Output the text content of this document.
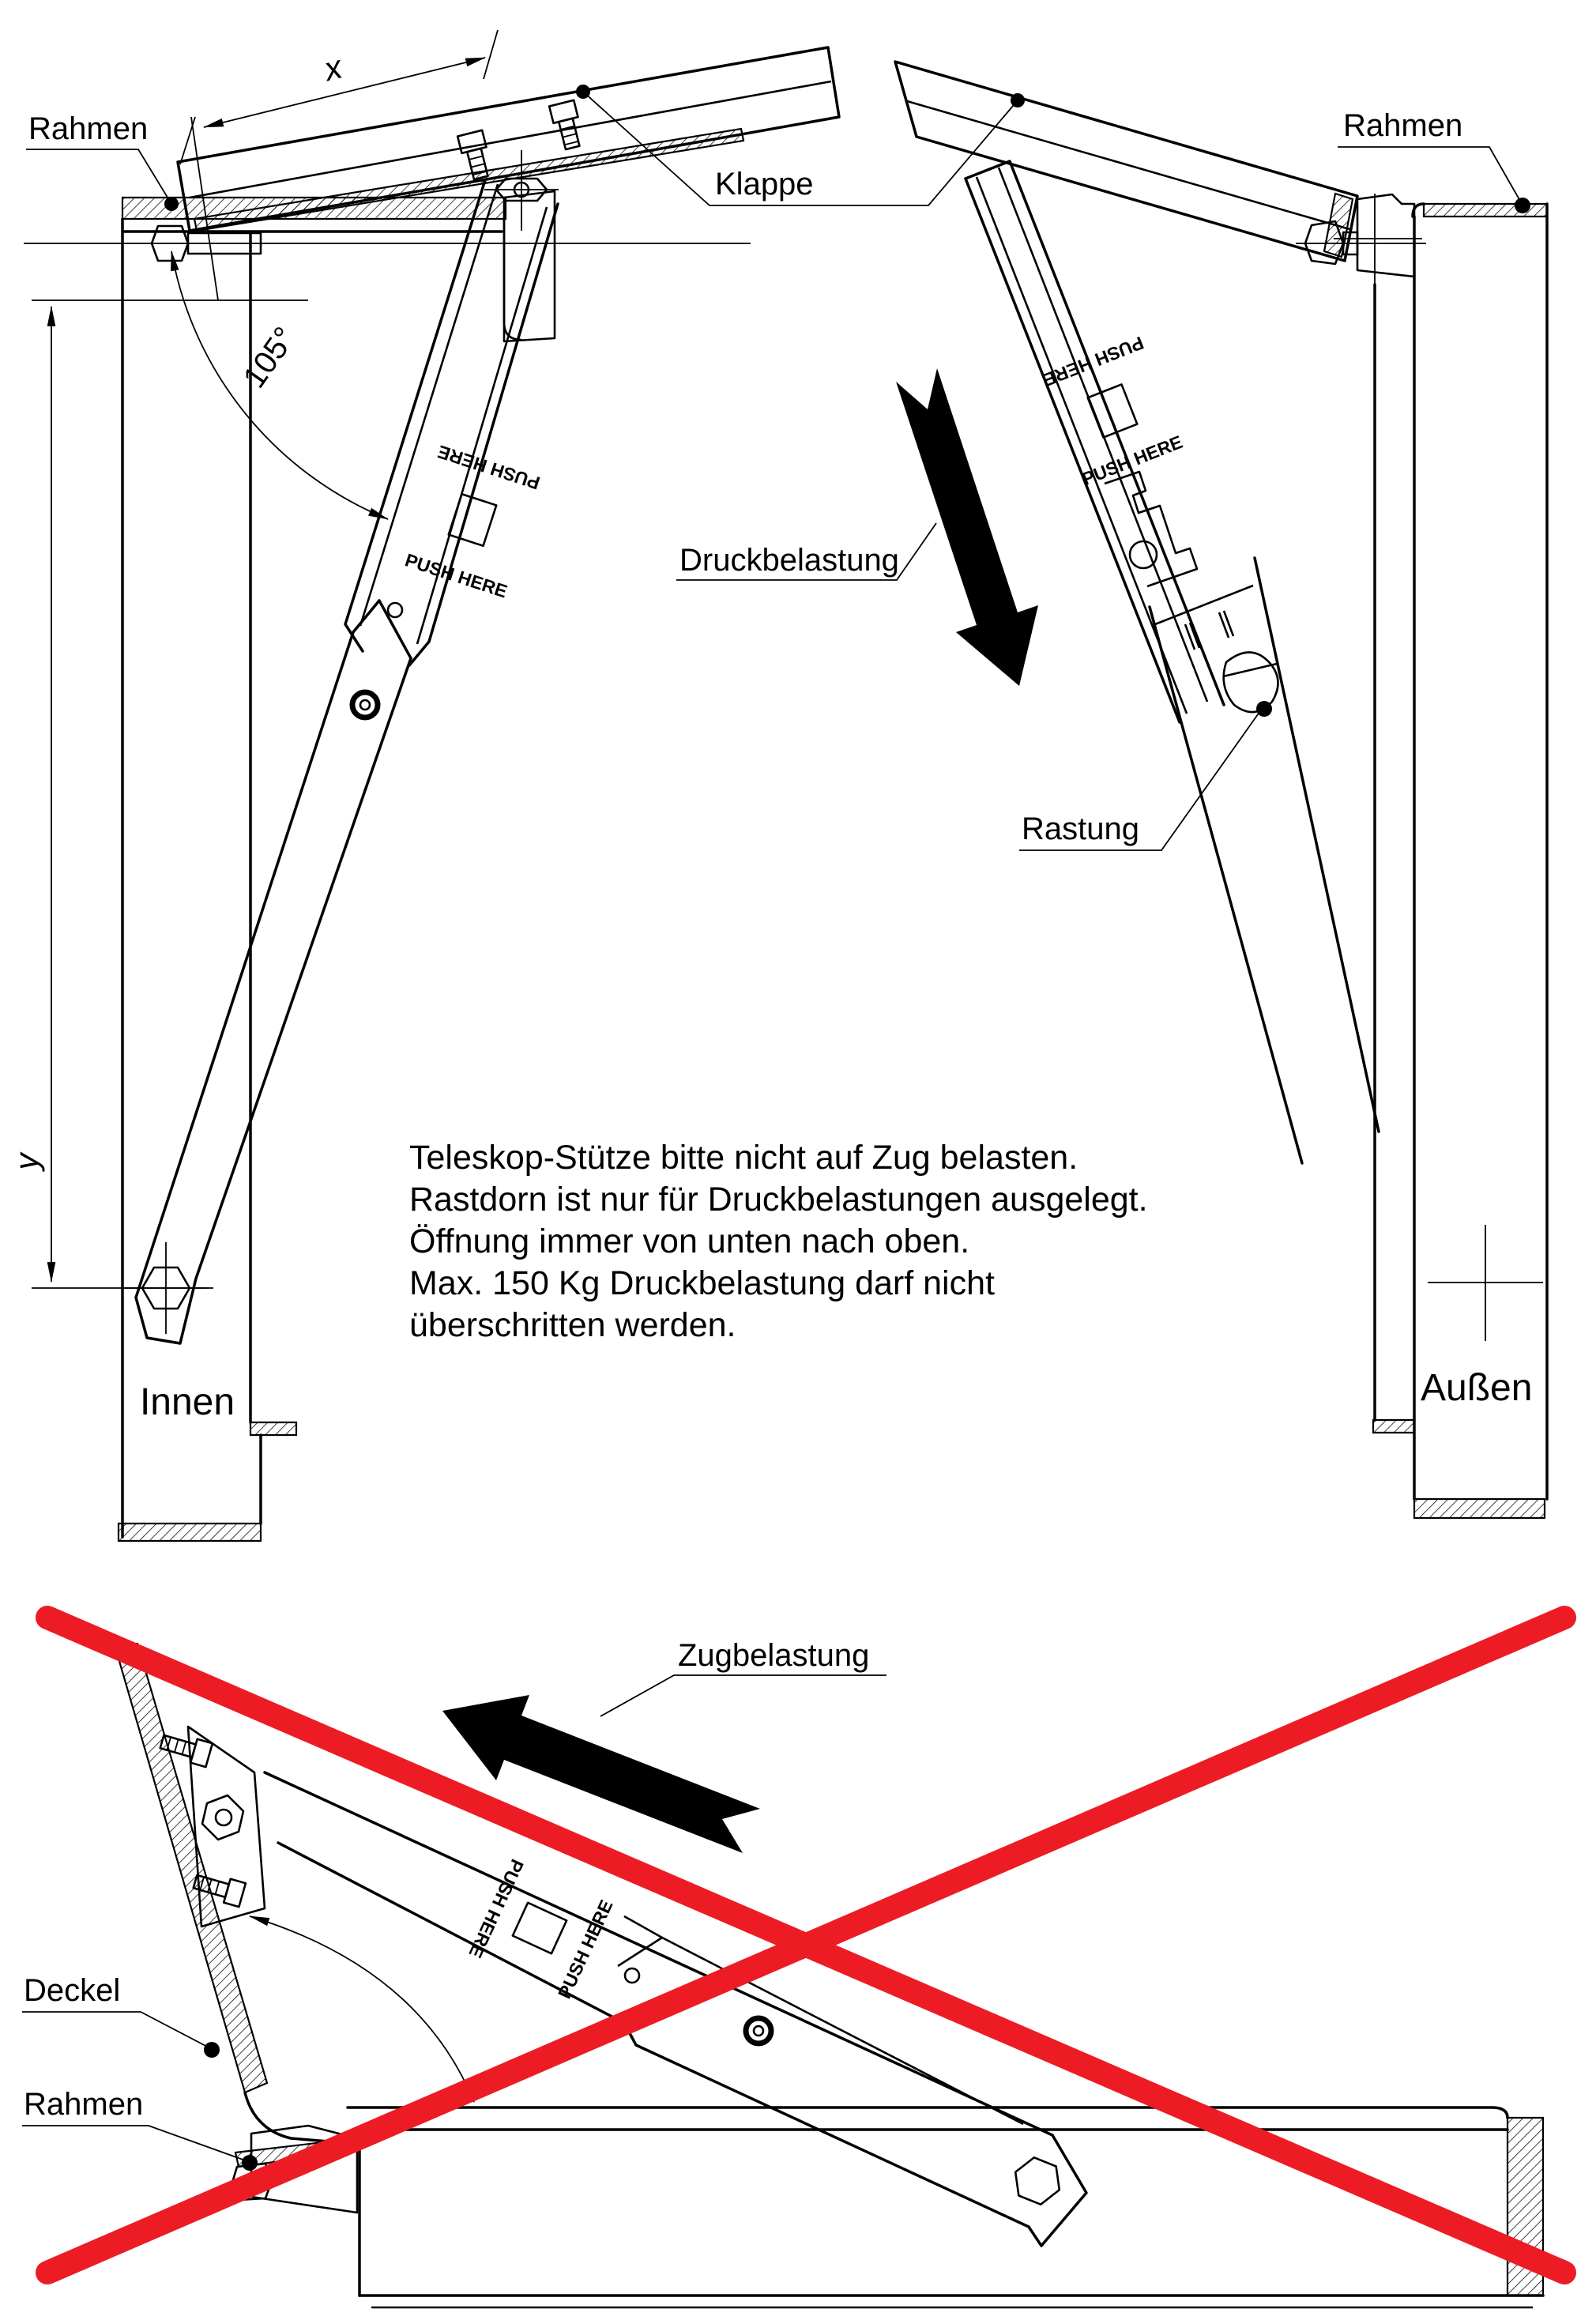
y
Innen
Rahmen
x
105°
PUSH HERE
PUSH HERE
Klappe
Rahmen
Außen
PUSH HERE
PUSH HERE
Rastung
Druckbelastung
Teleskop-Stütze bitte nicht auf Zug belasten.
Rastdorn ist nur für Druckbelastungen ausgelegt.
Öffnung immer von unten nach oben.
Max. 150 Kg Druckbelastung darf nicht
überschritten werden.
PUSH HERE
PUSH HERE
Zugbelastung
Deckel
Rahmen
